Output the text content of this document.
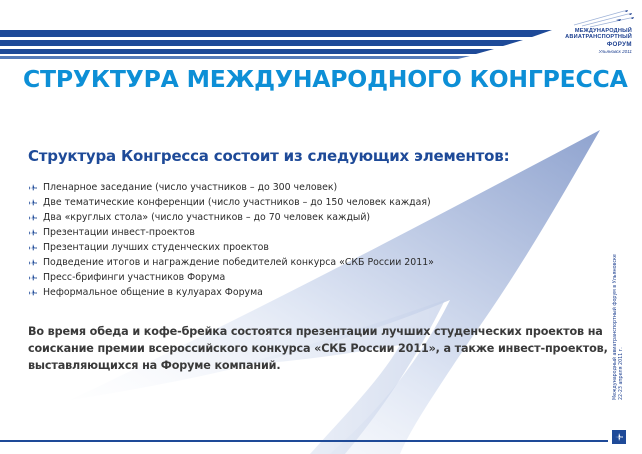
МЕЖДУНАРОДНЫЙ
АВИАТРАНСПОРТНЫЙ
ФОРУМ
Ульяновск 2011
СТРУКТУРА МЕЖДУНАРОДНОГО КОНГРЕССА
Структура Конгресса состоит из следующих элементов:
Пленарное заседание (число участников – до 300 человек)
Две тематические конференции (число участников – до 150 человек каждая)
Два «круглых стола» (число участников – до 70 человек каждый)
Презентации инвест-проектов
Презентации лучших студенческих проектов
Подведение итогов и награждение победителей конкурса «СКБ России 2011»
Пресс-брифинги участников Форума
Неформальное общение в кулуарах Форума

Во время обеда и кофе-брейка состоятся презентации лучших студенческих проектов на соискание премии всероссийского конкурса «СКБ России 2011», а также инвест-проектов, выставляющихся на Форуме компаний.	Международный авиатранспортный форум в Ульяновске 22-23 апреля 2011 г.
